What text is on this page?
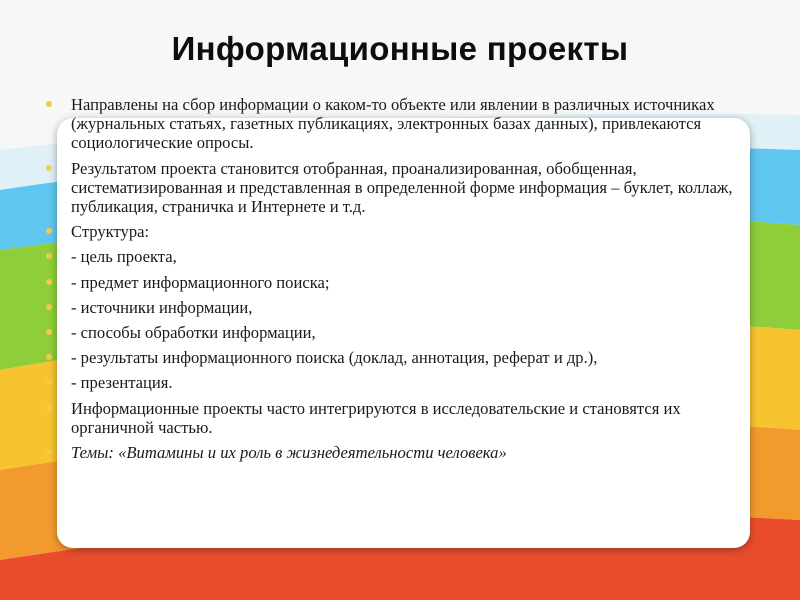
Информационные проекты
Направлены на сбор информации о каком-то объекте или явлении в различных источниках (журнальных статьях, газетных публикациях, электронных базах данных), привлекаются социологические опросы.
Результатом проекта становится отобранная, проанализированная, обобщенная, систематизированная и представленная в определенной форме информация – буклет, коллаж, публикация, страничка и Интернете и т.д.
Структура:
- цель проекта,
- предмет информационного поиска;
- источники информации,
- способы обработки информации,
- результаты информационного поиска (доклад, аннотация, реферат и др.),
- презентация.
Информационные проекты часто интегрируются в исследовательские и становятся их органичной частью.
Темы: «Витамины и их роль в жизнедеятельности человека»
